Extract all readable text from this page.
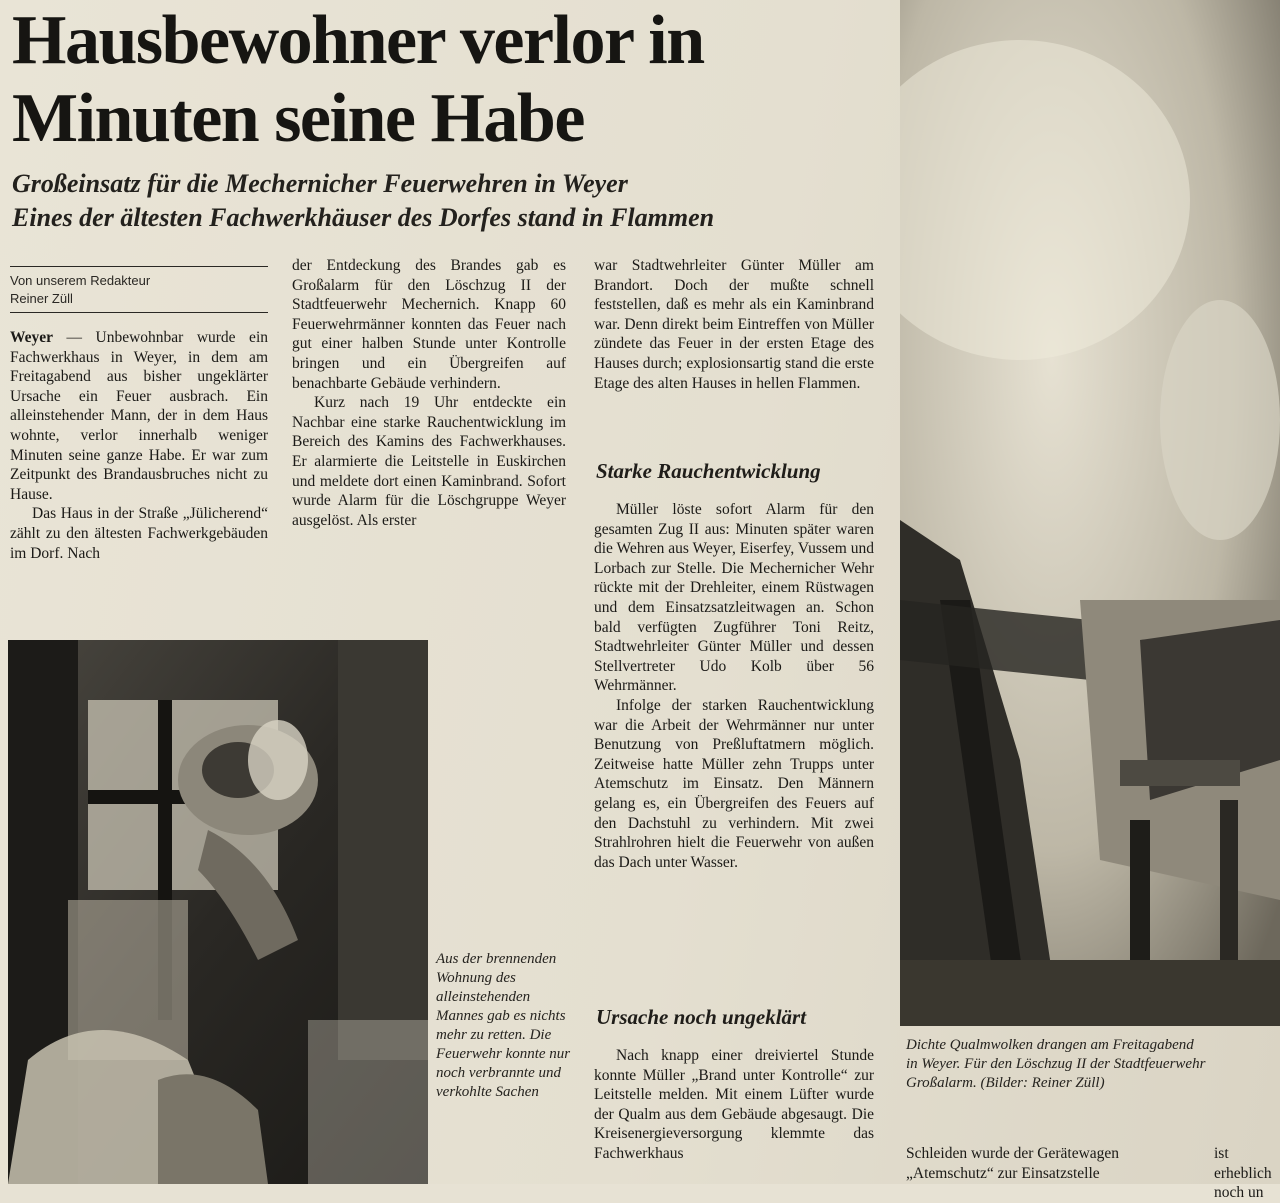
Hausbewohner verlor in Minuten seine Habe
Großeinsatz für die Mechernicher Feuerwehren in Weyer
Eines der ältesten Fachwerkhäuser des Dorfes stand in Flammen
Von unserem Redakteur
Reiner Züll

Weyer — Unbewohnbar wurde ein Fachwerkhaus in Weyer, in dem am Freitagabend aus bisher ungeklärter Ursache ein Feuer ausbrach. Ein alleinstehender Mann, der in dem Haus wohnte, verlor innerhalb weniger Minuten seine ganze Habe. Er war zum Zeitpunkt des Brandausbruches nicht zu Hause.

Das Haus in der Straße „Jülicherend“ zählt zu den ältesten Fachwerkgebäuden im Dorf. Nach

der Entdeckung des Brandes gab es Großalarm für den Löschzug II der Stadtfeuerwehr Mechernich. Knapp 60 Feuerwehrmänner konnten das Feuer nach gut einer halben Stunde unter Kontrolle bringen und ein Übergreifen auf benachbarte Gebäude verhindern.

Kurz nach 19 Uhr entdeckte ein Nachbar eine starke Rauchentwicklung im Bereich des Kamins des Fachwerkhauses. Er alarmierte die Leitstelle in Euskirchen und meldete dort einen Kaminbrand. Sofort wurde Alarm für die Löschgruppe Weyer ausgelöst. Als erster

war Stadtwehrleiter Günter Müller am Brandort. Doch der mußte schnell feststellen, daß es mehr als ein Kaminbrand war. Denn direkt beim Eintreffen von Müller zündete das Feuer in der ersten Etage des Hauses durch; explosionsartig stand die erste Etage des alten Hauses in hellen Flammen.

Starke Rauchentwicklung

Müller löste sofort Alarm für den gesamten Zug II aus: Minuten später waren die Wehren aus Weyer, Eiserfey, Vussem und Lorbach zur Stelle. Die Mechernicher Wehr rückte mit der Drehleiter, einem Rüstwagen und dem Einsatzsatzleitwagen an. Schon bald verfügten Zugführer Toni Reitz, Stadtwehrleiter Günter Müller und dessen Stellvertreter Udo Kolb über 56 Wehrmänner.

Infolge der starken Rauchentwicklung war die Arbeit der Wehrmänner nur unter Benutzung von Preßluftatmern möglich. Zeitweise hatte Müller zehn Trupps unter Atemschutz im Einsatz. Den Männern gelang es, ein Übergreifen des Feuers auf den Dachstuhl zu verhindern. Mit zwei Strahlrohren hielt die Feuerwehr von außen das Dach unter Wasser.

Ursache noch ungeklärt

Nach knapp einer dreiviertel Stunde konnte Müller „Brand unter Kontrolle“ zur Leitstelle melden. Mit einem Lüfter wurde der Qualm aus dem Gebäude abgesaugt. Die Kreisenergieversorgung klemmte das Fachwerkhaus

Aus der brennenden Wohnung des alleinstehenden Mannes gab es nichts mehr zu retten. Die Feuerwehr konnte nur noch verbrannte und verkohlte Sachen
Dichte Qualmwolken drangen am Freitagabend
in Weyer. Für den Löschzug II der Stadtfeuerwehr
Großalarm. (Bilder: Reiner Züll)
Schleiden wurde der Gerätewagen „Atemschutz“ zur Einsatzstelle
ist erheblich noch un
